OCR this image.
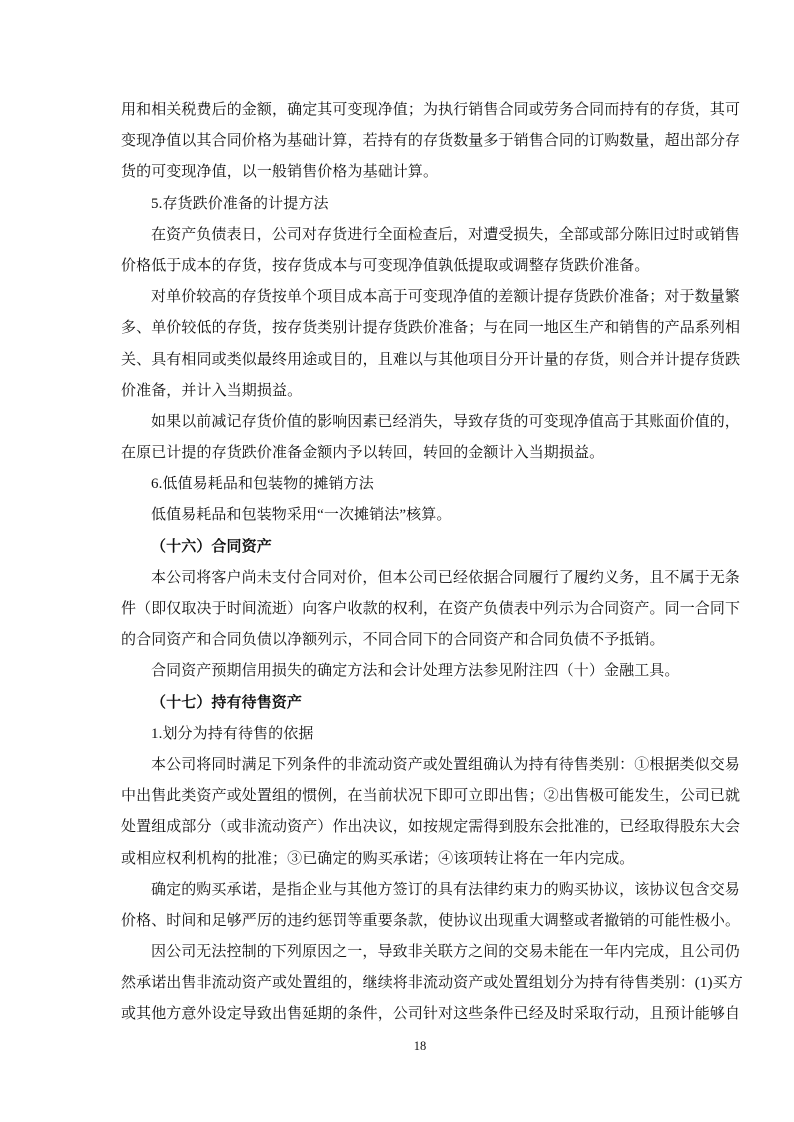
用和相关税费后的金额，确定其可变现净值；为执行销售合同或劳务合同而持有的存货，其可
变现净值以其合同价格为基础计算，若持有的存货数量多于销售合同的订购数量，超出部分存
货的可变现净值，以一般销售价格为基础计算。
5.存货跌价准备的计提方法
在资产负债表日，公司对存货进行全面检查后，对遭受损失，全部或部分陈旧过时或销售
价格低于成本的存货，按存货成本与可变现净值孰低提取或调整存货跌价准备。
对单价较高的存货按单个项目成本高于可变现净值的差额计提存货跌价准备；对于数量繁
多、单价较低的存货，按存货类别计提存货跌价准备；与在同一地区生产和销售的产品系列相
关、具有相同或类似最终用途或目的，且难以与其他项目分开计量的存货，则合并计提存货跌
价准备，并计入当期损益。
如果以前减记存货价值的影响因素已经消失，导致存货的可变现净值高于其账面价值的，
在原已计提的存货跌价准备金额内予以转回，转回的金额计入当期损益。
6.低值易耗品和包装物的摊销方法
低值易耗品和包装物采用“一次摊销法”核算。
（十六）合同资产
本公司将客户尚未支付合同对价，但本公司已经依据合同履行了履约义务，且不属于无条
件（即仅取决于时间流逝）向客户收款的权利，在资产负债表中列示为合同资产。同一合同下
的合同资产和合同负债以净额列示，不同合同下的合同资产和合同负债不予抵销。
合同资产预期信用损失的确定方法和会计处理方法参见附注四（十）金融工具。
（十七）持有待售资产
1.划分为持有待售的依据
本公司将同时满足下列条件的非流动资产或处置组确认为持有待售类别：①根据类似交易
中出售此类资产或处置组的惯例，在当前状况下即可立即出售；②出售极可能发生，公司已就
处置组成部分（或非流动资产）作出决议，如按规定需得到股东会批准的，已经取得股东大会
或相应权利机构的批准；③已确定的购买承诺；④该项转让将在一年内完成。
确定的购买承诺，是指企业与其他方签订的具有法律约束力的购买协议，该协议包含交易
价格、时间和足够严厉的违约惩罚等重要条款，使协议出现重大调整或者撤销的可能性极小。
因公司无法控制的下列原因之一，导致非关联方之间的交易未能在一年内完成，且公司仍
然承诺出售非流动资产或处置组的，继续将非流动资产或处置组划分为持有待售类别：(1)买方
或其他方意外设定导致出售延期的条件，公司针对这些条件已经及时采取行动，且预计能够自
18
